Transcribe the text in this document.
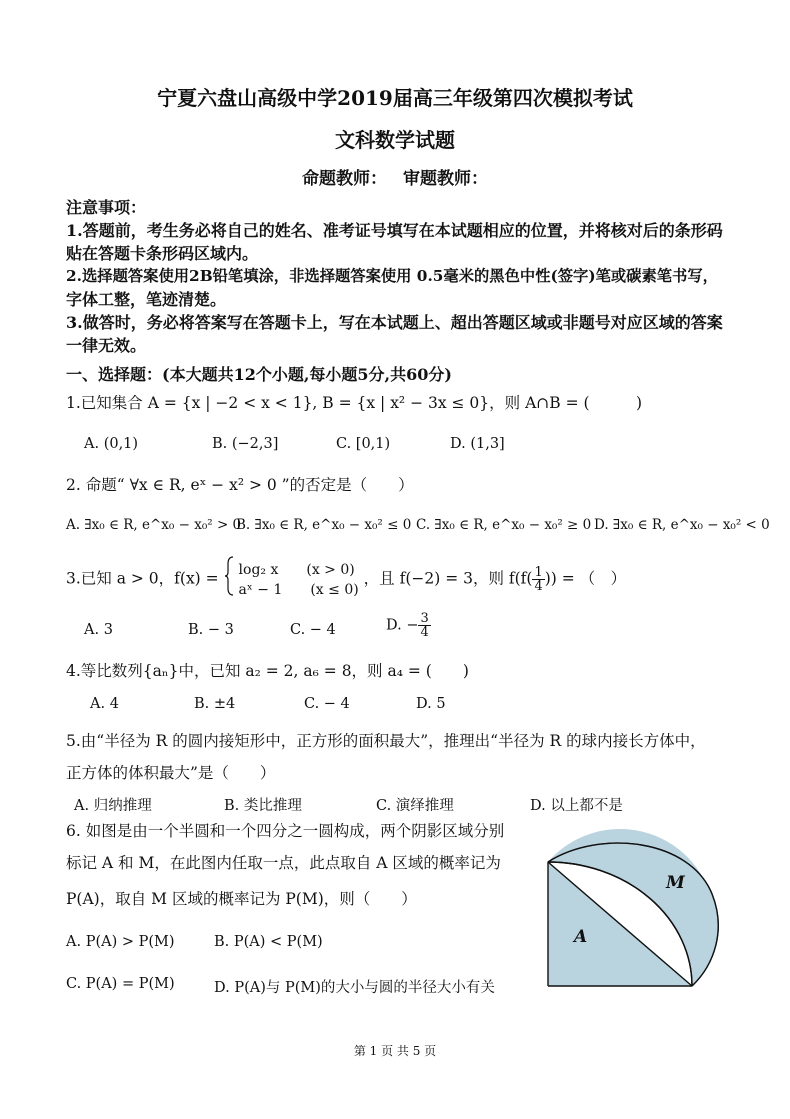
宁夏六盘山高级中学2019届高三年级第四次模拟考试
文科数学试题
命题教师： 审题教师：
注意事项：
1.答题前，考生务必将自己的姓名、准考证号填写在本试题相应的位置，并将核对后的条形码
贴在答题卡条形码区域内。
2.选择题答案使用2B铅笔填涂，非选择题答案使用 0.5毫米的黑色中性(签字)笔或碳素笔书写，
字体工整，笔迹清楚。
3.做答时，务必将答案写在答题卡上，写在本试题上、超出答题区域或非题号对应区域的答案
一律无效。
一、选择题：(本大题共12个小题,每小题5分,共60分)
1.已知集合 A = {x | −2 < x < 1}, B = {x | x² − 3x ≤ 0}，则 A∩B = (　　　)
A. (0,1)	B. (−2,3]	C. [0,1)	D. (1,3]
2. 命题“ ∀x ∈ R, eˣ − x² > 0 ”的否定是（　　）
A. ∃x₀ ∈ R, e^x₀ − x₀² > 0
B. ∃x₀ ∈ R, e^x₀ − x₀² ≤ 0 C. ∃x₀ ∈ R, e^x₀ − x₀² ≥ 0 D. ∃x₀ ∈ R, e^x₀ − x₀² < 0
3.已知 a > 0，f(x) = log₂ x　　(x > 0)
aˣ − 1　　(x ≤ 0)
，且 f(−2) = 3，则 $f(f( \frac{1}{4}$ )) = （　）
A. 3	B. − 3	C. − 4	D. − $\frac{3}{4}$
4.等比数列{aₙ}中，已知 a₂ = 2, a₆ = 8，则 a₄ = (　　)
A. 4	B. ±4	C. − 4	D. 5
5.由“半径为 R 的圆内接矩形中，正方形的面积最大”，推理出“半径为 R 的球内接长方体中，
正方体的体积最大”是（　　）
A. 归纳推理	B. 类比推理	C. 演绎推理	D. 以上都不是
6. 如图是由一个半圆和一个四分之一圆构成，两个阴影区域分别
标记 A 和 M，在此图内任取一点，此点取自 A 区域的概率记为
P(A)，取自 M 区域的概率记为 P(M)，则（　　）
A. P(A) > P(M)	B. P(A) < P(M)
C. P(A) = P(M)	D. P(A)与 P(M)的大小与圆的半径大小有关
A
M
第 1 页 共 5 页
